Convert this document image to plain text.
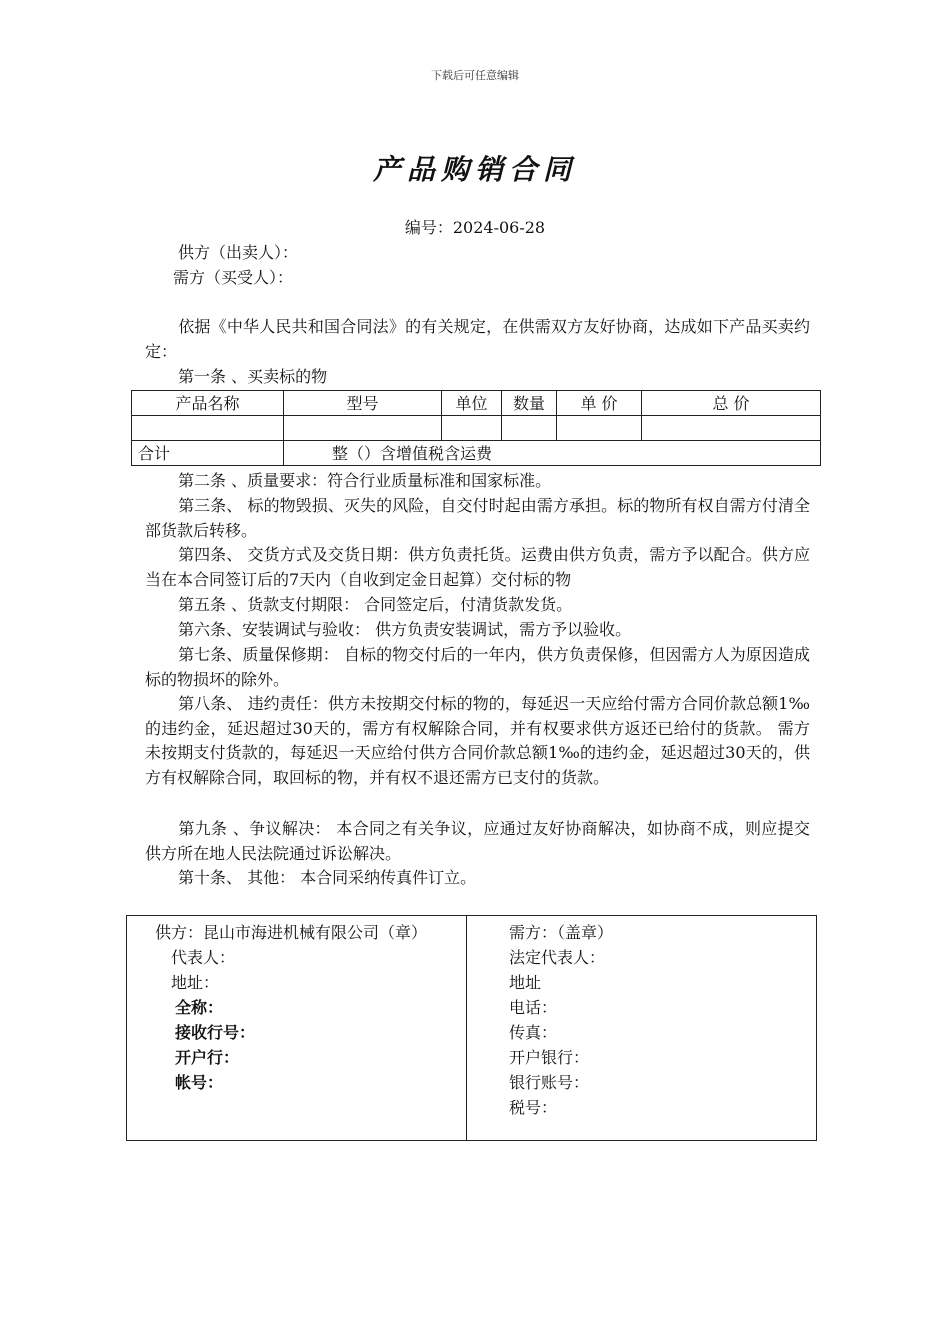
下载后可任意编辑
产品购销合同
编号：2024-06-28
供方（出卖人）：
需方（买受人）：
依据《中华人民共和国合同法》的有关规定，在供需双方友好协商，达成如下产品买卖约定：
第一条 、买卖标的物
产品名称	型号	单位	数量	单 价	总 价

合计	整（）含增值税含运费				
第二条 、质量要求：符合行业质量标准和国家标准。
第三条、 标的物毁损、灭失的风险，自交付时起由需方承担。标的物所有权自需方付清全部货款后转移。
第四条、 交货方式及交货日期：供方负责托货。运费由供方负责，需方予以配合。供方应当在本合同签订后的7天内（自收到定金日起算）交付标的物
第五条 、货款支付期限： 合同签定后，付清货款发货。
第六条、安装调试与验收： 供方负责安装调试，需方予以验收。
第七条、质量保修期： 自标的物交付后的一年内，供方负责保修，但因需方人为原因造成标的物损坏的除外。
第八条、 违约责任：供方未按期交付标的物的，每延迟一天应给付需方合同价款总额1‰的违约金，延迟超过30天的，需方有权解除合同，并有权要求供方返还已给付的货款。 需方未按期支付货款的，每延迟一天应给付供方合同价款总额1‰的违约金，延迟超过30天的，供方有权解除合同，取回标的物，并有权不退还需方已支付的货款。
第九条 、争议解决： 本合同之有关争议，应通过友好协商解决，如协商不成，则应提交供方所在地人民法院通过诉讼解决。
第十条、 其他： 本合同采纳传真件订立。
供方：昆山市海进机械有限公司（章）
代表人：
地址：
全称：
接收行号：
开户行：
帐号：

需方：（盖章）
法定代表人：
地址
电话：
传真：
开户银行：
银行账号：
税号：
